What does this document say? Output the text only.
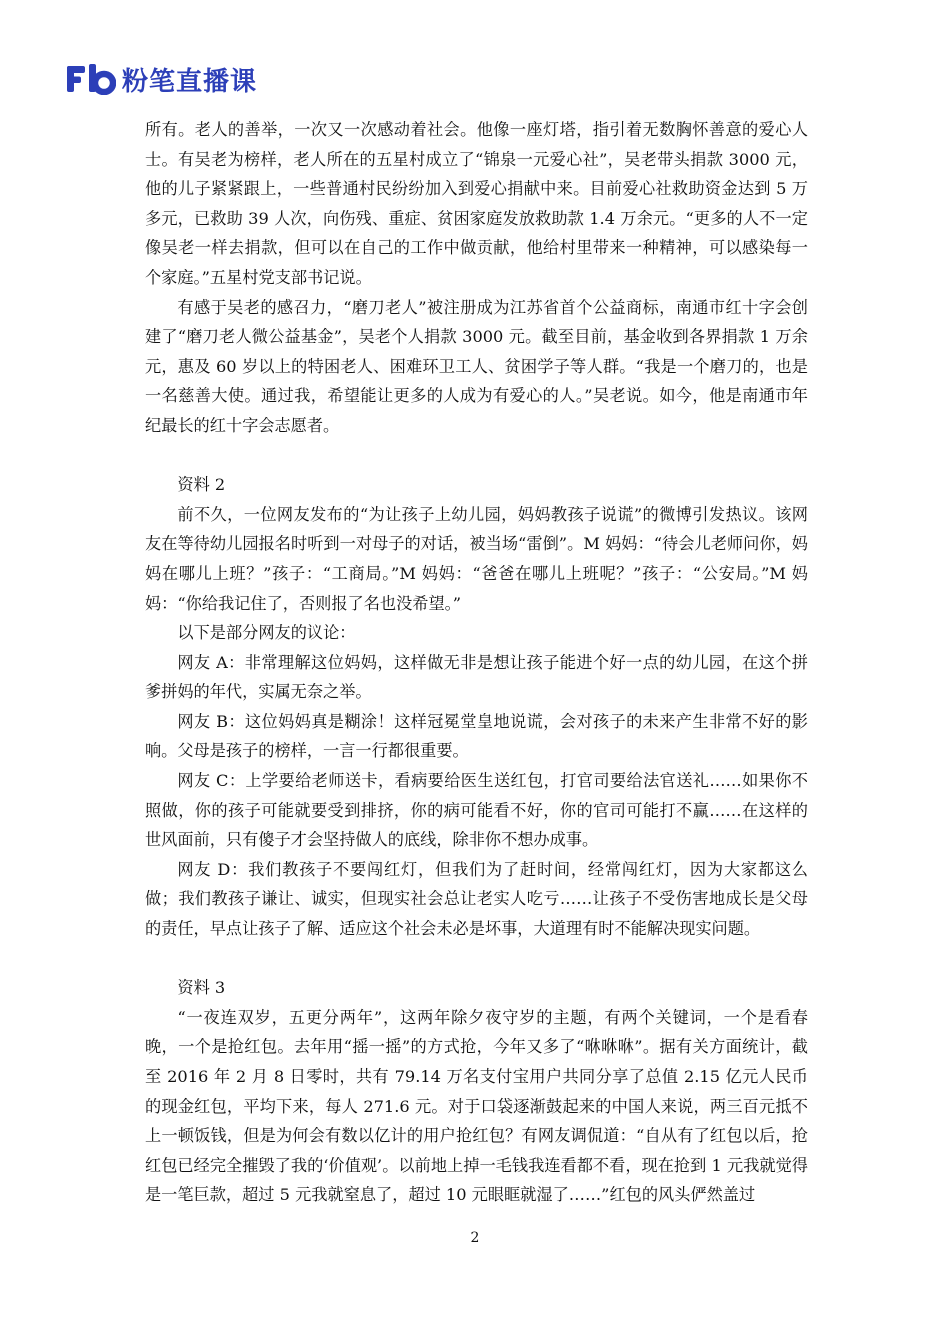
粉笔直播课

所有。老人的善举，一次又一次感动着社会。他像一座灯塔，指引着无数胸怀善意的爱心人士。有吴老为榜样，老人所在的五星村成立了“锦泉一元爱心社”，吴老带头捐款 3000 元，他的儿子紧紧跟上，一些普通村民纷纷加入到爱心捐献中来。目前爱心社救助资金达到 5 万多元，已救助 39 人次，向伤残、重症、贫困家庭发放救助款 1.4 万余元。“更多的人不一定像吴老一样去捐款，但可以在自己的工作中做贡献，他给村里带来一种精神，可以感染每一个家庭。”五星村党支部书记说。

有感于吴老的感召力，“磨刀老人”被注册成为江苏省首个公益商标，南通市红十字会创建了“磨刀老人微公益基金”，吴老个人捐款 3000 元。截至目前，基金收到各界捐款 1 万余元，惠及 60 岁以上的特困老人、困难环卫工人、贫困学子等人群。“我是一个磨刀的，也是一名慈善大使。通过我，希望能让更多的人成为有爱心的人。”吴老说。如今，他是南通市年纪最长的红十字会志愿者。

资料 2

前不久，一位网友发布的“为让孩子上幼儿园，妈妈教孩子说谎”的微博引发热议。该网友在等待幼儿园报名时听到一对母子的对话，被当场“雷倒”。M 妈妈：“待会儿老师问你，妈妈在哪儿上班？”孩子：“工商局。”M 妈妈：“爸爸在哪儿上班呢？”孩子：“公安局。”M 妈妈：“你给我记住了，否则报了名也没希望。”

以下是部分网友的议论：

网友 A：非常理解这位妈妈，这样做无非是想让孩子能进个好一点的幼儿园，在这个拼爹拼妈的年代，实属无奈之举。

网友 B：这位妈妈真是糊涂！这样冠冕堂皇地说谎，会对孩子的未来产生非常不好的影响。父母是孩子的榜样，一言一行都很重要。

网友 C：上学要给老师送卡，看病要给医生送红包，打官司要给法官送礼……如果你不照做，你的孩子可能就要受到排挤，你的病可能看不好，你的官司可能打不赢……在这样的世风面前，只有傻子才会坚持做人的底线，除非你不想办成事。

网友 D：我们教孩子不要闯红灯，但我们为了赶时间，经常闯红灯，因为大家都这么做；我们教孩子谦让、诚实，但现实社会总让老实人吃亏……让孩子不受伤害地成长是父母的责任，早点让孩子了解、适应这个社会未必是坏事，大道理有时不能解决现实问题。

资料 3

“一夜连双岁，五更分两年”，这两年除夕夜守岁的主题，有两个关键词，一个是看春晚，一个是抢红包。去年用“摇一摇”的方式抢，今年又多了“咻咻咻”。据有关方面统计，截至 2016 年 2 月 8 日零时，共有 79.14 万名支付宝用户共同分享了总值 2.15 亿元人民币的现金红包，平均下来，每人 271.6 元。对于口袋逐渐鼓起来的中国人来说，两三百元抵不上一顿饭钱，但是为何会有数以亿计的用户抢红包？有网友调侃道：“自从有了红包以后，抢红包已经完全摧毁了我的‘价值观’。以前地上掉一毛钱我连看都不看，现在抢到 1 元我就觉得是一笔巨款，超过 5 元我就窒息了，超过 10 元眼眶就湿了……”红包的风头俨然盖过

2
